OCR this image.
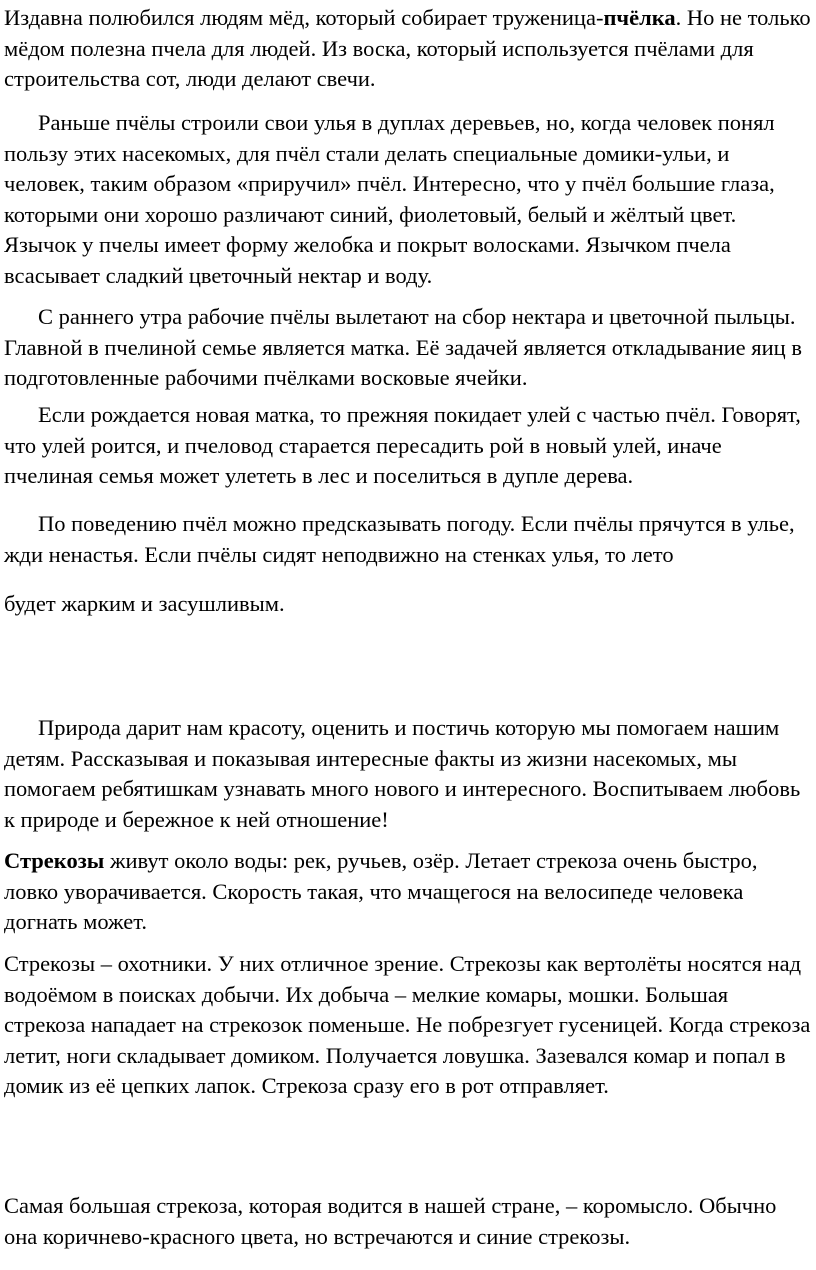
Издавна полюбился людям мёд, который собирает труженица-пчёлка. Но не только мёдом полезна пчела для людей. Из воска, который используется пчёлами для строительства сот, люди делают свечи.

Раньше пчёлы строили свои улья в дуплах деревьев, но, когда человек понял пользу этих насекомых, для пчёл стали делать специальные домики-ульи, и человек, таким образом «приручил» пчёл. Интересно, что у пчёл большие глаза, которыми они хорошо различают синий, фиолетовый, белый и жёлтый цвет. Язычок у пчелы имеет форму желобка и покрыт волосками. Язычком пчела всасывает сладкий цветочный нектар и воду.

С раннего утра рабочие пчёлы вылетают на сбор нектара и цветочной пыльцы. Главной в пчелиной семье является матка. Её задачей является откладывание яиц в подготовленные рабочими пчёлками восковые ячейки.

Если рождается новая матка, то прежняя покидает улей с частью пчёл. Говорят, что улей роится, и пчеловод старается пересадить рой в новый улей, иначе пчелиная семья может улететь в лес и поселиться в дупле дерева.

По поведению пчёл можно предсказывать погоду. Если пчёлы прячутся в улье, жди ненастья. Если пчёлы сидят неподвижно на стенках улья, то лето

будет жарким и засушливым.

Природа дарит нам красоту, оценить и постичь которую мы помогаем нашим детям. Рассказывая и показывая интересные факты из жизни насекомых, мы помогаем ребятишкам узнавать много нового и интересного. Воспитываем любовь к природе и бережное к ней отношение!

Стрекозы живут около воды: рек, ручьев, озёр. Летает стрекоза очень быстро, ловко уворачивается. Скорость такая, что мчащегося на велосипеде человека догнать может.

Стрекозы – охотники. У них отличное зрение. Стрекозы как вертолёты носятся над водоёмом в поисках добычи. Их добыча – мелкие комары, мошки. Большая стрекоза нападает на стрекозок поменьше. Не побрезгует гусеницей. Когда стрекоза летит, ноги складывает домиком. Получается ловушка. Зазевался комар и попал в домик из её цепких лапок. Стрекоза сразу его в рот отправляет.

Самая большая стрекоза, которая водится в нашей стране, – коромысло. Обычно она коричнево-красного цвета, но встречаются и синие стрекозы.
